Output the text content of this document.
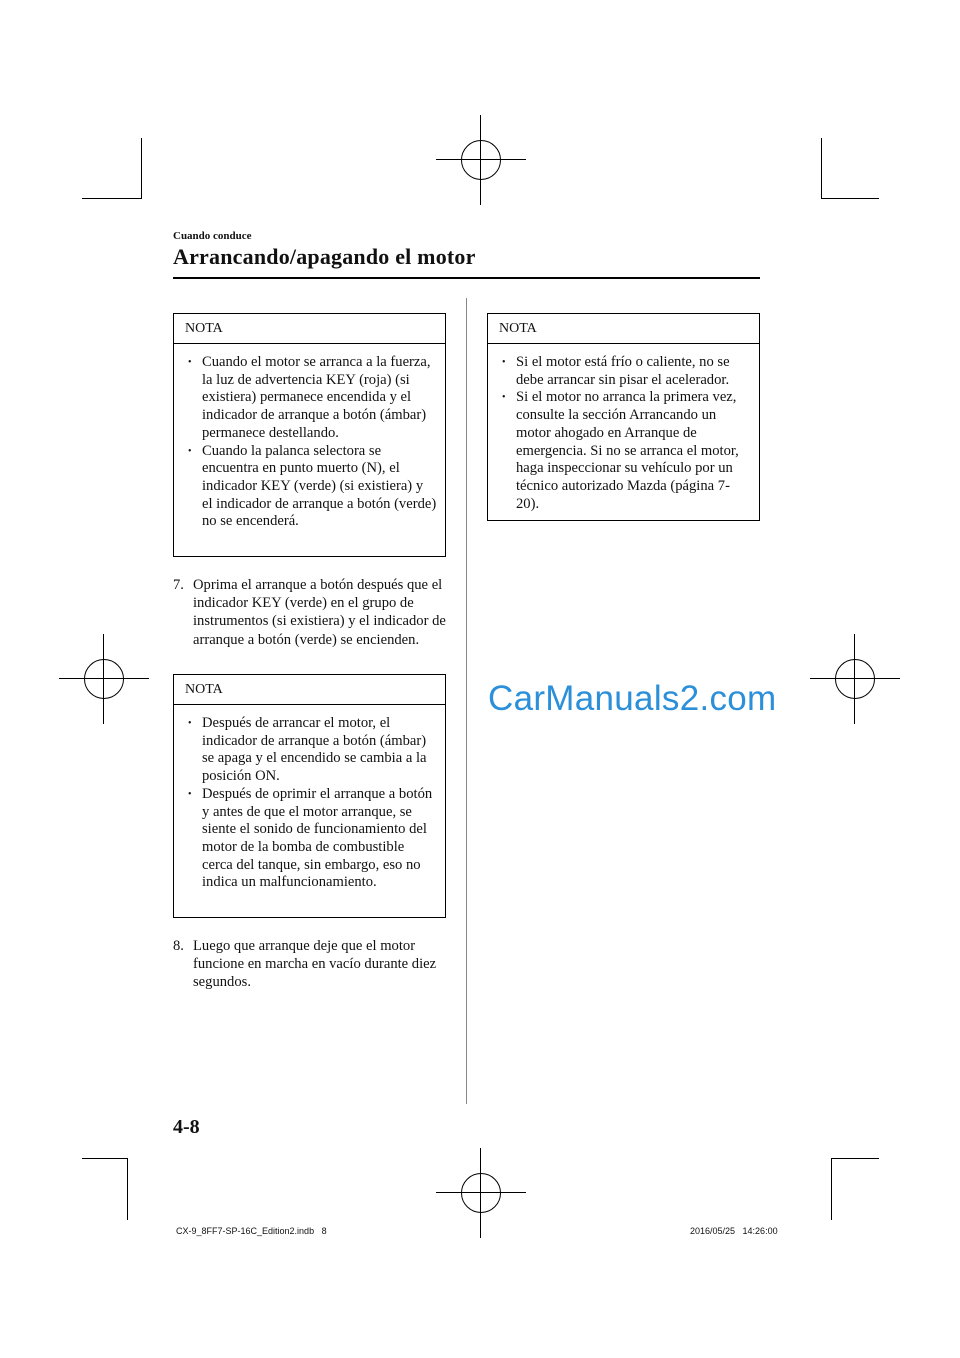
Cuando conduce
Arrancando/apagando el motor
NOTA
• Cuando el motor se arranca a la fuerza, la luz de advertencia KEY (roja) (si existiera) permanece encendida y el indicador de arranque a botón (ámbar) permanece destellando.
• Cuando la palanca selectora se encuentra en punto muerto (N), el indicador KEY (verde) (si existiera) y el indicador de arranque a botón (verde) no se encenderá.
7. Oprima el arranque a botón después que el indicador KEY (verde) en el grupo de instrumentos (si existiera) y el indicador de arranque a botón (verde) se encienden.
NOTA
• Después de arrancar el motor, el indicador de arranque a botón (ámbar) se apaga y el encendido se cambia a la posición ON.
• Después de oprimir el arranque a botón y antes de que el motor arranque, se siente el sonido de funcionamiento del motor de la bomba de combustible cerca del tanque, sin embargo, eso no indica un malfuncionamiento.
8. Luego que arranque deje que el motor funcione en marcha en vacío durante diez segundos.
NOTA
• Si el motor está frío o caliente, no se debe arrancar sin pisar el acelerador.
• Si el motor no arranca la primera vez, consulte la sección Arrancando un motor ahogado en Arranque de emergencia. Si no se arranca el motor, haga inspeccionar su vehículo por un técnico autorizado Mazda (página 7-20).
CarManuals2.com
4-8
CX-9_8FF7-SP-16C_Edition2.indb   8	2016/05/25   14:26:00
